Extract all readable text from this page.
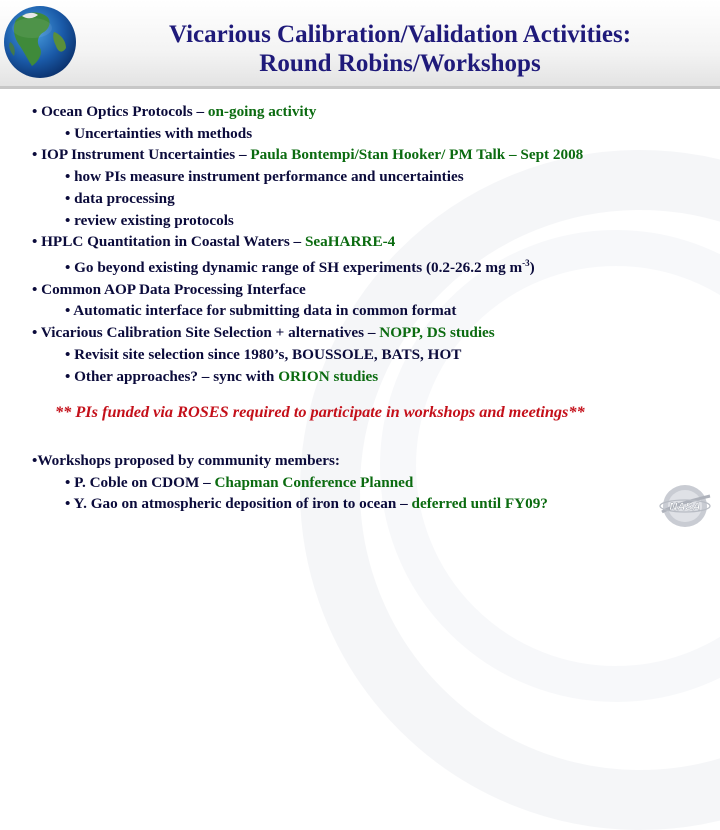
Vicarious Calibration/Validation Activities:
Round Robins/Workshops
• Ocean Optics Protocols – on-going activity
• Uncertainties with methods
• IOP Instrument Uncertainties – Paula Bontempi/Stan Hooker/ PM Talk – Sept 2008
• how PIs measure instrument performance and uncertainties
• data processing
• review existing protocols
• HPLC Quantitation in Coastal Waters – SeaHARRE-4
• Go beyond existing dynamic range of SH experiments (0.2-26.2 mg $m^{-3}$)
• Common AOP Data Processing Interface
• Automatic interface for submitting data in common format
• Vicarious Calibration Site Selection + alternatives – NOPP, DS studies
• Revisit site selection since 1980’s, BOUSSOLE, BATS, HOT
• Other approaches? – sync with ORION studies
** PIs funded via ROSES required to participate in workshops and meetings**
•Workshops proposed by community members:
• P. Coble on CDOM – Chapman Conference Planned
• Y. Gao on atmospheric deposition of iron to ocean – deferred until FY09?	NASA
